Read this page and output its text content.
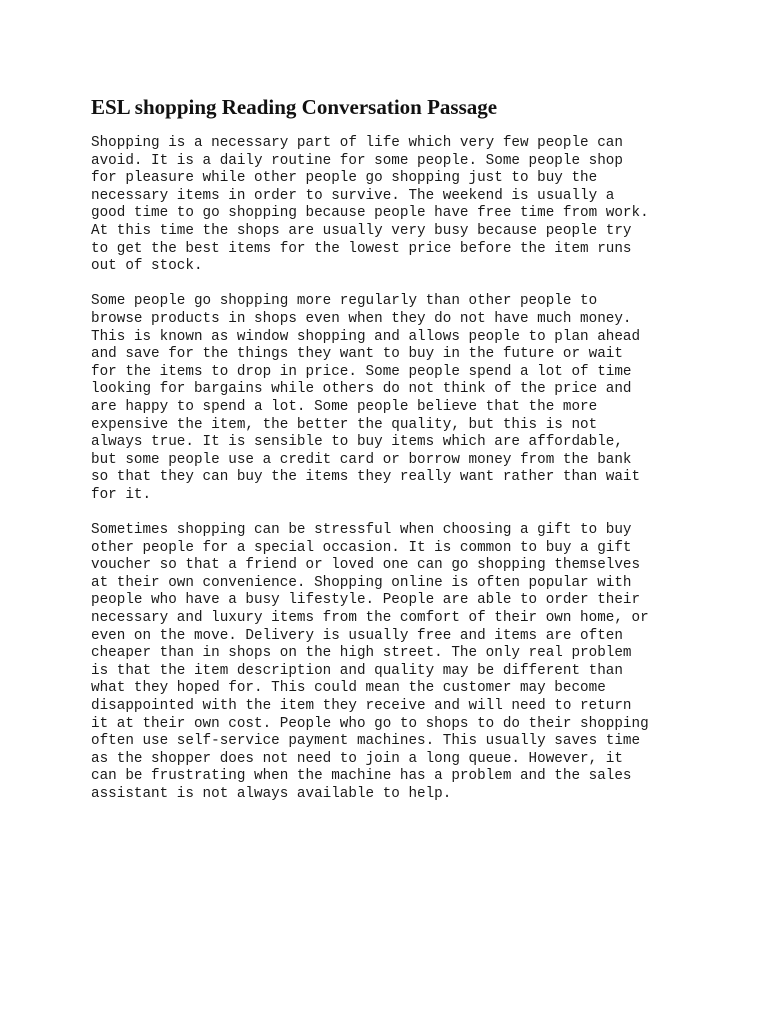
ESL shopping Reading Conversation Passage
Shopping is a necessary part of life which very few people can
avoid. It is a daily routine for some people. Some people shop
for pleasure while other people go shopping just to buy the
necessary items in order to survive. The weekend is usually a
good time to go shopping because people have free time from work.
At this time the shops are usually very busy because people try
to get the best items for the lowest price before the item runs
out of stock.
Some people go shopping more regularly than other people to
browse products in shops even when they do not have much money.
This is known as window shopping and allows people to plan ahead
and save for the things they want to buy in the future or wait
for the items to drop in price. Some people spend a lot of time
looking for bargains while others do not think of the price and
are happy to spend a lot. Some people believe that the more
expensive the item, the better the quality, but this is not
always true. It is sensible to buy items which are affordable,
but some people use a credit card or borrow money from the bank
so that they can buy the items they really want rather than wait
for it.
Sometimes shopping can be stressful when choosing a gift to buy
other people for a special occasion. It is common to buy a gift
voucher so that a friend or loved one can go shopping themselves
at their own convenience. Shopping online is often popular with
people who have a busy lifestyle. People are able to order their
necessary and luxury items from the comfort of their own home, or
even on the move. Delivery is usually free and items are often
cheaper than in shops on the high street. The only real problem
is that the item description and quality may be different than
what they hoped for. This could mean the customer may become
disappointed with the item they receive and will need to return
it at their own cost. People who go to shops to do their shopping
often use self-service payment machines. This usually saves time
as the shopper does not need to join a long queue. However, it
can be frustrating when the machine has a problem and the sales
assistant is not always available to help.
